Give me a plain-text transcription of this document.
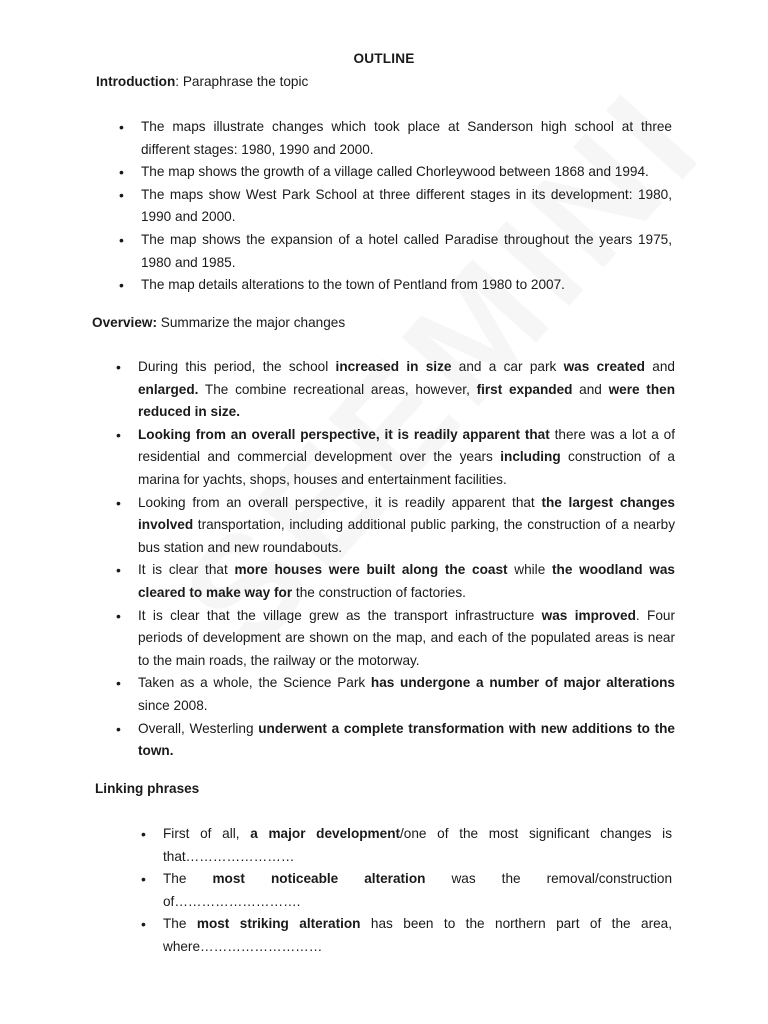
OUTLINE
Introduction: Paraphrase the topic
• The maps illustrate changes which took place at Sanderson high school at three different stages: 1980, 1990 and 2000.
• The map shows the growth of a village called Chorleywood between 1868 and 1994.
• The maps show West Park School at three different stages in its development: 1980, 1990 and 2000.
• The map shows the expansion of a hotel called Paradise throughout the years 1975, 1980 and 1985.
• The map details alterations to the town of Pentland from 1980 to 2007.
Overview: Summarize the major changes
• During this period, the school increased in size and a car park was created and enlarged. The combine recreational areas, however, first expanded and were then reduced in size.
• Looking from an overall perspective, it is readily apparent that there was a lot a of residential and commercial development over the years including construction of a marina for yachts, shops, houses and entertainment facilities.
• Looking from an overall perspective, it is readily apparent that the largest changes involved transportation, including additional public parking, the construction of a nearby bus station and new roundabouts.
• It is clear that more houses were built along the coast while the woodland was cleared to make way for the construction of factories.
• It is clear that the village grew as the transport infrastructure was improved. Four periods of development are shown on the map, and each of the populated areas is near to the main roads, the railway or the motorway.
• Taken as a whole, the Science Park has undergone a number of major alterations since 2008.
• Overall, Westerling underwent a complete transformation with new additions to the town.
Linking phrases
• First of all, a major development/one of the most significant changes is that……………………
• The most noticeable alteration was the removal/construction of……………………….
• The most striking alteration has been to the northern part of the area, where………………………
